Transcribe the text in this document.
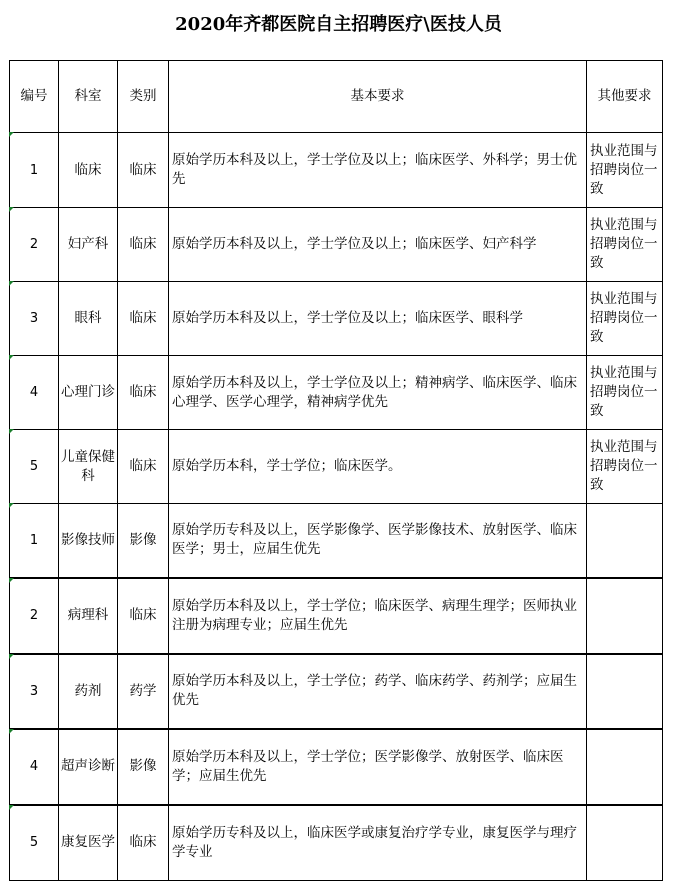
2020年齐都医院自主招聘医疗\医技人员
编号	科室	类别	基本要求	其他要求

1	临床	临床	原始学历本科及以上，学士学位及以上；临床医学、外科学；男士优先	执业范围与招聘岗位一致

2	妇产科	临床	原始学历本科及以上，学士学位及以上；临床医学、妇产科学	执业范围与招聘岗位一致

3	眼科	临床	原始学历本科及以上，学士学位及以上；临床医学、眼科学	执业范围与招聘岗位一致

4	心理门诊	临床	原始学历本科及以上，学士学位及以上；精神病学、临床医学、临床心理学、医学心理学，精神病学优先	执业范围与招聘岗位一致

5	儿童保健科	临床	原始学历本科，学士学位；临床医学。	执业范围与招聘岗位一致

1	影像技师	影像	原始学历专科及以上，医学影像学、医学影像技术、放射医学、临床医学；男士，应届生优先	

2	病理科	临床	原始学历本科及以上，学士学位；临床医学、病理生理学；医师执业注册为病理专业；应届生优先	

3	药剂	药学	原始学历本科及以上，学士学位；药学、临床药学、药剂学；应届生优先	

4	超声诊断	影像	原始学历本科及以上，学士学位；医学影像学、放射医学、临床医学；应届生优先	

5	康复医学	临床	原始学历专科及以上，临床医学或康复治疗学专业，康复医学与理疗学专业	
